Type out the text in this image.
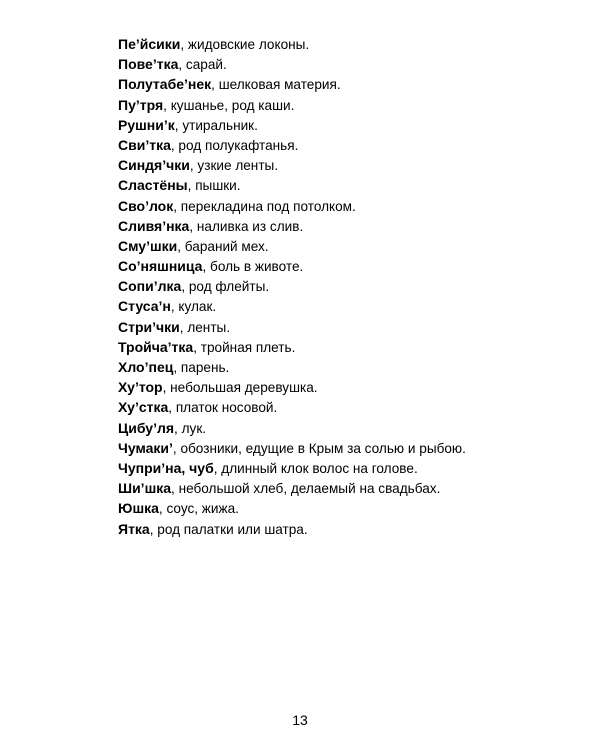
Пе’йсики, жидовские локоны.
Пове’тка, сарай.
Полутабе’нек, шелковая материя.
Пу’тря, кушанье, род каши.
Рушни’к, утиральник.
Сви’тка, род полукафтанья.
Синдя’чки, узкие ленты.
Сластёны, пышки.
Сво’лок, перекладина под потолком.
Сливя’нка, наливка из слив.
Сму’шки, бараний мех.
Со’няшница, боль в животе.
Сопи’лка, род флейты.
Стуса’н, кулак.
Стри’чки, ленты.
Тройча’тка, тройная плеть.
Хло’пец, парень.
Ху’тор, небольшая деревушка.
Ху’стка, платок носовой.
Цибу’ля, лук.
Чумаки’, обозники, едущие в Крым за солью и рыбою.
Чупри’на, чуб, длинный клок волос на голове.
Ши’шка, небольшой хлеб, делаемый на свадьбах.
Юшка, соус, жижа.
Ятка, род палатки или шатра.
13
